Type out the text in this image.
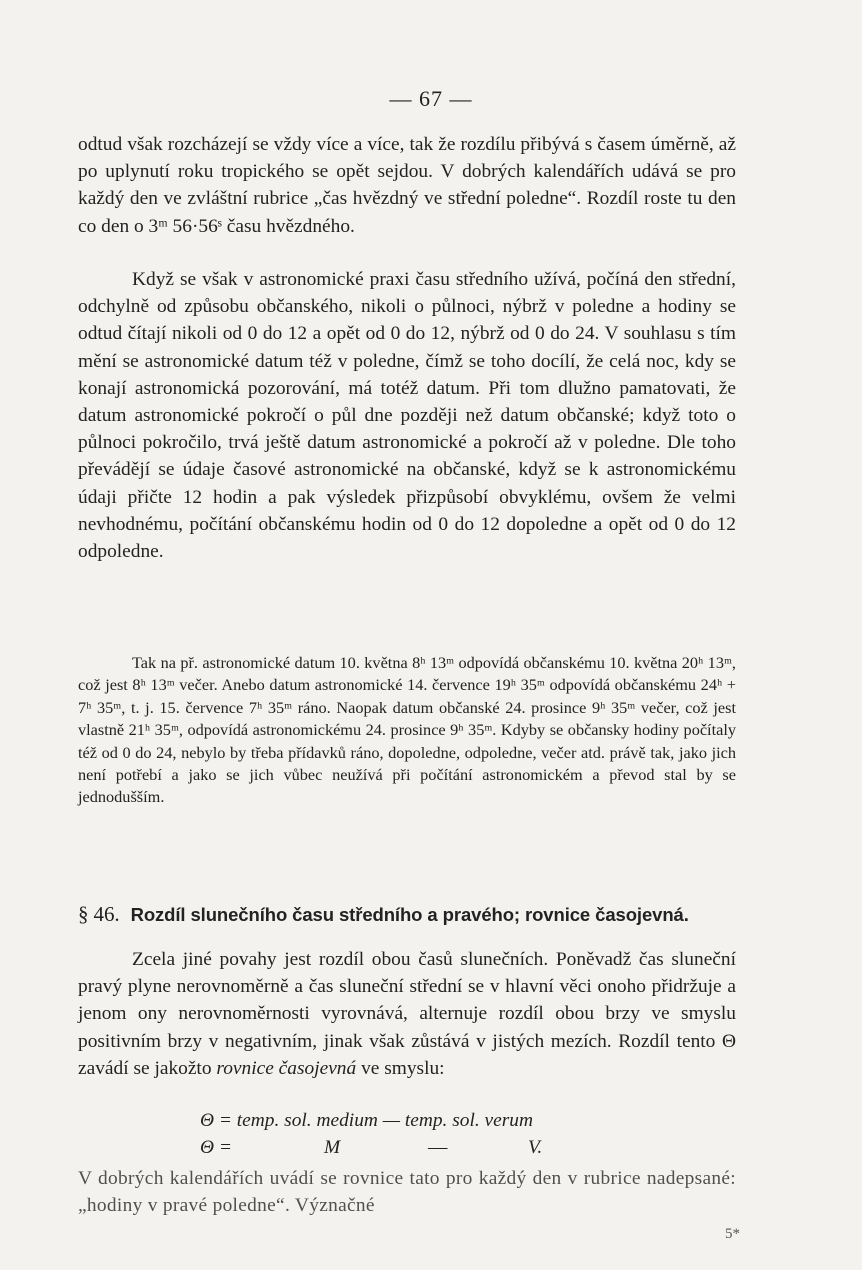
— 67 —

odtud však rozcházejí se vždy více a více, tak že rozdílu přibývá s časem úměrně, až po uplynutí roku tropického se opět sejdou. V dobrých kalendářích udává se pro každý den ve zvláštní rubrice „čas hvězdný ve střední poledne“. Rozdíl roste tu den co den o 3ᵐ 56·56ˢ času hvězdného.

Když se však v astronomické praxi času středního užívá, počíná den střední, odchylně od způsobu občanského, nikoli o půlnoci, nýbrž v poledne a hodiny se odtud čítají nikoli od 0 do 12 a opět od 0 do 12, nýbrž od 0 do 24. V souhlasu s tím mění se astronomické datum též v poledne, čímž se toho docílí, že celá noc, kdy se konají astronomická pozorování, má totéž datum. Při tom dlužno pamatovati, že datum astronomické pokročí o půl dne později než datum občanské; když toto o půlnoci pokročilo, trvá ještě datum astronomické a pokročí až v poledne. Dle toho převádějí se údaje časové astronomické na občanské, když se k astronomickému údaji přičte 12 hodin a pak výsledek přizpůsobí obvyklému, ovšem že velmi nevhodnému, počítání občanskému hodin od 0 do 12 dopoledne a opět od 0 do 12 odpoledne.

Tak na př. astronomické datum 10. května 8ʰ 13ᵐ odpovídá občanskému 10. května 20ʰ 13ᵐ, což jest 8ʰ 13ᵐ večer. Anebo datum astronomické 14. července 19ʰ 35ᵐ odpovídá občanskému 24ʰ + 7ʰ 35ᵐ, t. j. 15. července 7ʰ 35ᵐ ráno. Naopak datum občanské 24. prosince 9ʰ 35ᵐ večer, což jest vlastně 21ʰ 35ᵐ, odpovídá astronomickému 24. prosince 9ʰ 35ᵐ. Kdyby se občansky hodiny počítaly též od 0 do 24, nebylo by třeba přídavků ráno, dopoledne, odpoledne, večer atd. právě tak, jako jich není potřebí a jako se jich vůbec neužívá při počítání astronomickém a převod stal by se jednodušším.

§ 46. Rozdíl slunečního času středního a pravého; rovnice časojevná.

Zcela jiné povahy jest rozdíl obou časů slunečních. Poněvadž čas sluneční pravý plyne nerovnoměrně a čas sluneční střední se v hlavní věci onoho přidržuje a jenom ony nerovnoměrnosti vyrovnává, alternuje rozdíl obou brzy ve smyslu positivním brzy v negativním, jinak však zůstává v jistých mezích. Rozdíl tento Θ zavádí se jakožto rovnice časojevná ve smyslu:

Θ = temp. sol. medium — temp. sol. verum
Θ =	M	—	V.

V dobrých kalendářích uvádí se rovnice tato pro každý den v rubrice nadepsané: „hodiny v pravé poledne“. Význačné

5*
